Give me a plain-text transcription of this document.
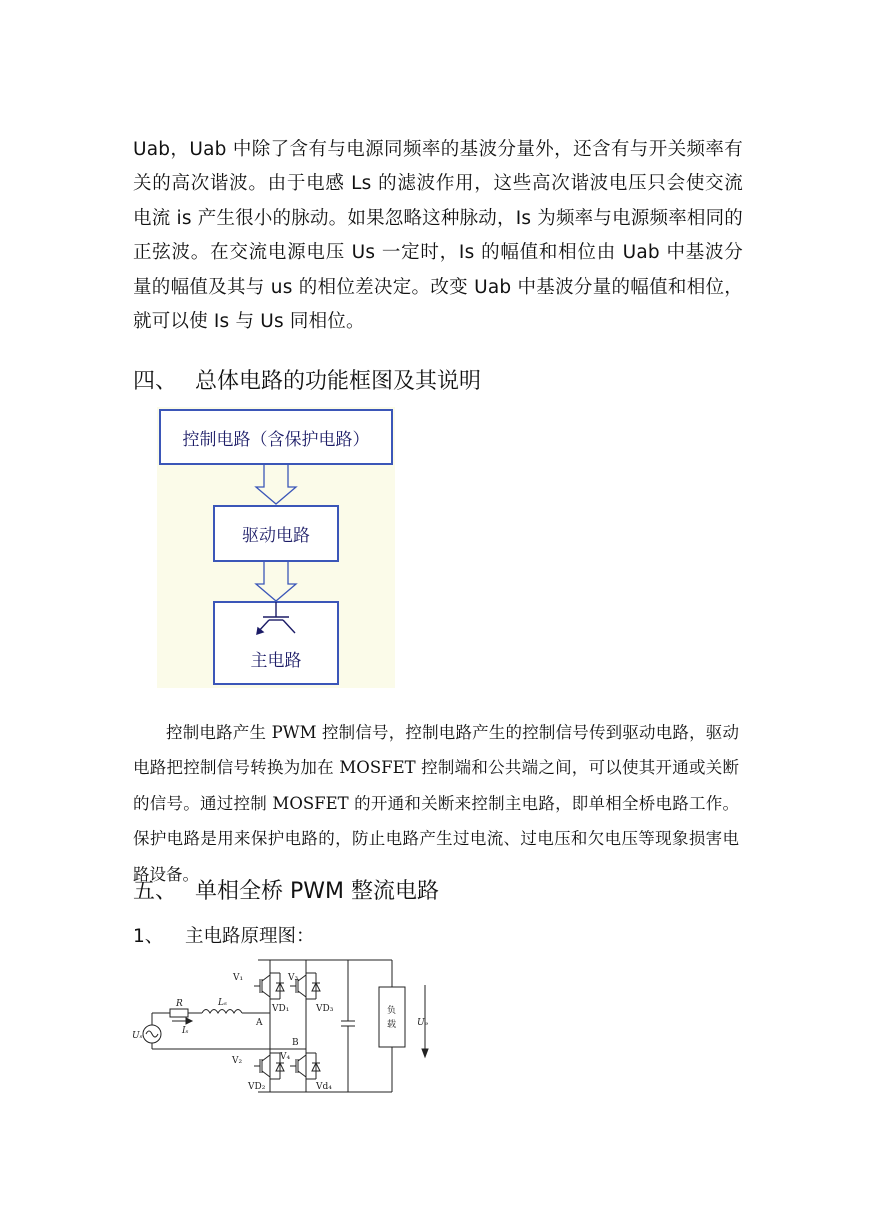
Uab，Uab 中除了含有与电源同频率的基波分量外，还含有与开关频率有关的高次谐波。由于电感 Ls 的滤波作用，这些高次谐波电压只会使交流电流 is 产生很小的脉动。如果忽略这种脉动，Is 为频率与电源频率相同的正弦波。在交流电源电压 Us 一定时，Is 的幅值和相位由 Uab 中基波分量的幅值及其与 us 的相位差决定。改变 Uab 中基波分量的幅值和相位，就可以使 Is 与 Us 同相位。

四、 总体电路的功能框图及其说明
控制电路（含保护电路）
驱动电路
主电路

控制电路产生 PWM 控制信号，控制电路产生的控制信号传到驱动电路，驱动电路把控制信号转换为加在 MOSFET 控制端和公共端之间，可以使其开通或关断的信号。通过控制 MOSFET 的开通和关断来控制主电路，即单相全桥电路工作。保护电路是用来保护电路的，防止电路产生过电流、过电压和欠电压等现象损害电路设备。

五、 单相全桥 PWM 整流电路
1、 主电路原理图：
Uₛ
R	Lₛ
Iₛ
Uₔ
A
B
V₁	V₃
V₂	V₄
VD₁	VD₃
VD₂	Vd₄
负
载
